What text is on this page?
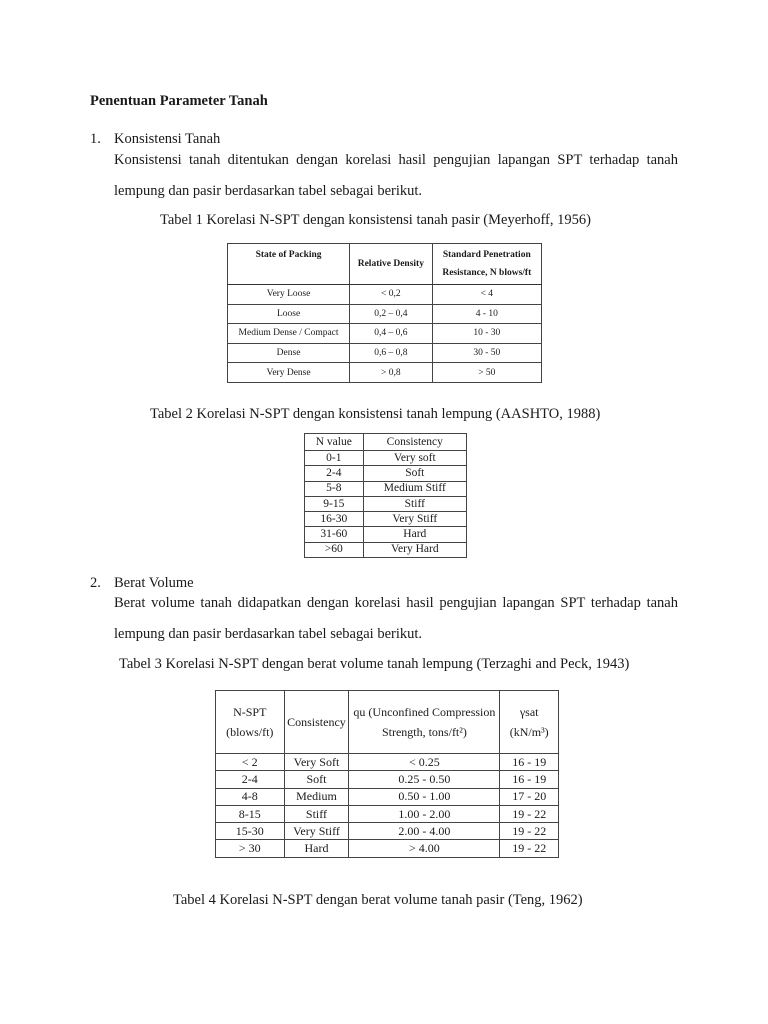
Penentuan Parameter Tanah
1. Konsistensi Tanah
Konsistensi tanah ditentukan dengan korelasi hasil pengujian lapangan SPT terhadap tanah lempung dan pasir berdasarkan tabel sebagai berikut.
Tabel 1 Korelasi N-SPT dengan konsistensi tanah pasir (Meyerhoff, 1956)
State of Packing	Relative Density	Standard Penetration Resistance, N blows/ft
Very Loose	< 0,2	< 4
Loose	0,2 – 0,4	4 - 10
Medium Dense / Compact	0,4 – 0,6	10 - 30
Dense	0,6 – 0,8	30 - 50
Very Dense	> 0,8	> 50
Tabel 2 Korelasi N-SPT dengan konsistensi tanah lempung (AASHTO, 1988)
N value	Consistency
0-1	Very soft
2-4	Soft
5-8	Medium Stiff
9-15	Stiff
16-30	Very Stiff
31-60	Hard
>60	Very Hard
2. Berat Volume
Berat volume tanah didapatkan dengan korelasi hasil pengujian lapangan SPT terhadap tanah lempung dan pasir berdasarkan tabel sebagai berikut.
Tabel 3 Korelasi N-SPT dengan berat volume tanah lempung (Terzaghi and Peck, 1943)
N-SPT (blows/ft)	Consistency	qu (Unconfined Compression Strength, tons/ft²)	γsat (kN/m³)
< 2	Very Soft	< 0.25	16 - 19
2-4	Soft	0.25 - 0.50	16 - 19
4-8	Medium	0.50 - 1.00	17 - 20
8-15	Stiff	1.00 - 2.00	19 - 22
15-30	Very Stiff	2.00 - 4.00	19 - 22
> 30	Hard	> 4.00	19 - 22
Tabel 4 Korelasi N-SPT dengan berat volume tanah pasir (Teng, 1962)
